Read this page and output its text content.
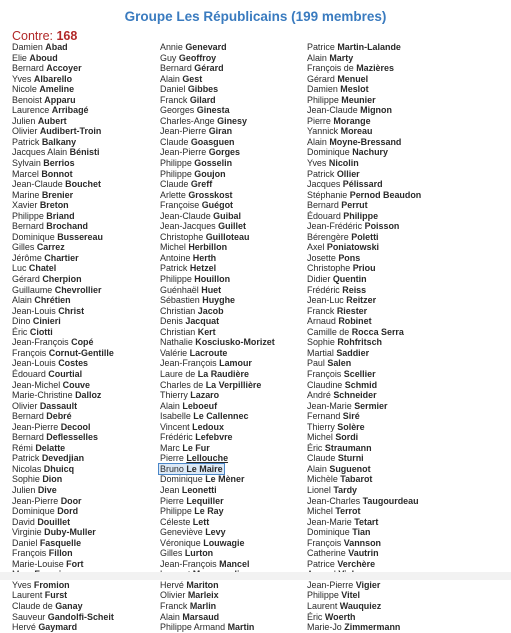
Groupe Les Républicains (199 membres)
Contre: 168
Damien Abad
Elie Aboud
Bernard Accoyer
Yves Albarello
Nicole Ameline
Benoist Apparu
Laurence Arribagé
Julien Aubert
Olivier Audibert-Troin
Patrick Balkany
Jacques Alain Bénisti
Sylvain Berrios
Marcel Bonnot
Jean-Claude Bouchet
Marine Brenier
Xavier Breton
Philippe Briand
Bernard Brochand
Dominique Bussereau
Gilles Carrez
Jérôme Chartier
Luc Chatel
Gérard Cherpion
Guillaume Chevrollier
Alain Chrétien
Jean-Louis Christ
Dino Cinieri
Éric Ciotti
Jean-François Copé
François Cornut-Gentille
Jean-Louis Costes
Édouard Courtial
Jean-Michel Couve
Marie-Christine Dalloz
Olivier Dassault
Bernard Debré
Jean-Pierre Decool
Bernard Deflesselles
Rémi Delatte
Patrick Devedjian
Nicolas Dhuicq
Sophie Dion
Julien Dive
Jean-Pierre Door
Dominique Dord
David Douillet
Virginie Duby-Muller
Daniel Fasquelle
François Fillon
Marie-Louise Fort
Yves Fromion
Laurent Furst
Claude de Ganay
Sauveur Gandolfi-Scheit
Hervé Gaymard
Annie Genevard
Guy Geoffroy
Bernard Gérard
Alain Gest
Daniel Gibbes
Franck Gilard
Georges Ginesta
Charles-Ange Ginesy
Jean-Pierre Giran
Claude Goasguen
Jean-Pierre Gorges
Philippe Gosselin
Philippe Goujon
Claude Greff
Arlette Grosskost
Françoise Guégot
Jean-Claude Guibal
Jean-Jacques Guillet
Christophe Guilloteau
Michel Herbillon
Antoine Herth
Patrick Hetzel
Philippe Houillon
Guénhaël Huet
Sébastien Huyghe
Christian Jacob
Denis Jacquat
Christian Kert
Nathalie Kosciusko-Morizet
Valérie Lacroute
Jean-François Lamour
Laure de La Raudière
Charles de La Verpillière
Thierry Lazaro
Alain Leboeuf
Isabelle Le Callennec
Vincent Ledoux
Frédéric Lefebvre
Marc Le Fur
Pierre Lellouche
Bruno Le Maire
Dominique Le Mèner
Jean Leonetti
Pierre Lequiller
Philippe Le Ray
Céleste Lett
Geneviève Levy
Véronique Louwagie
Gilles Lurton
Jean-François Mancel
Hervé Mariton
Olivier Marleix
Franck Marlin
Alain Marsaud
Philippe Armand Martin
Patrice Martin-Lalande
Alain Marty
François de Mazières
Gérard Menuel
Damien Meslot
Philippe Meunier
Jean-Claude Mignon
Pierre Morange
Yannick Moreau
Alain Moyne-Bressand
Dominique Nachury
Yves Nicolin
Patrick Ollier
Jacques Pélissard
Stéphanie Pernod Beaudon
Bernard Perrut
Édouard Philippe
Jean-Frédéric Poisson
Bérengère Poletti
Axel Poniatowski
Josette Pons
Christophe Priou
Didier Quentin
Frédéric Reiss
Jean-Luc Reitzer
Franck Riester
Arnaud Robinet
Camille de Rocca Serra
Sophie Rohfritsch
Martial Saddier
Paul Salen
François Scellier
Claudine Schmid
André Schneider
Jean-Marie Sermier
Fernand Siré
Thierry Solère
Michel Sordi
Éric Straumann
Claude Sturni
Alain Suguenot
Michèle Tabarot
Lionel Tardy
Jean-Charles Taugourdeau
Michel Terrot
Jean-Marie Tetart
Dominique Tian
François Vannson
Catherine Vautrin
Patrice Verchère
Jean-Pierre Vigier
Philippe Vitel
Laurent Wauquiez
Éric Woerth
Marie-Jo Zimmermann
